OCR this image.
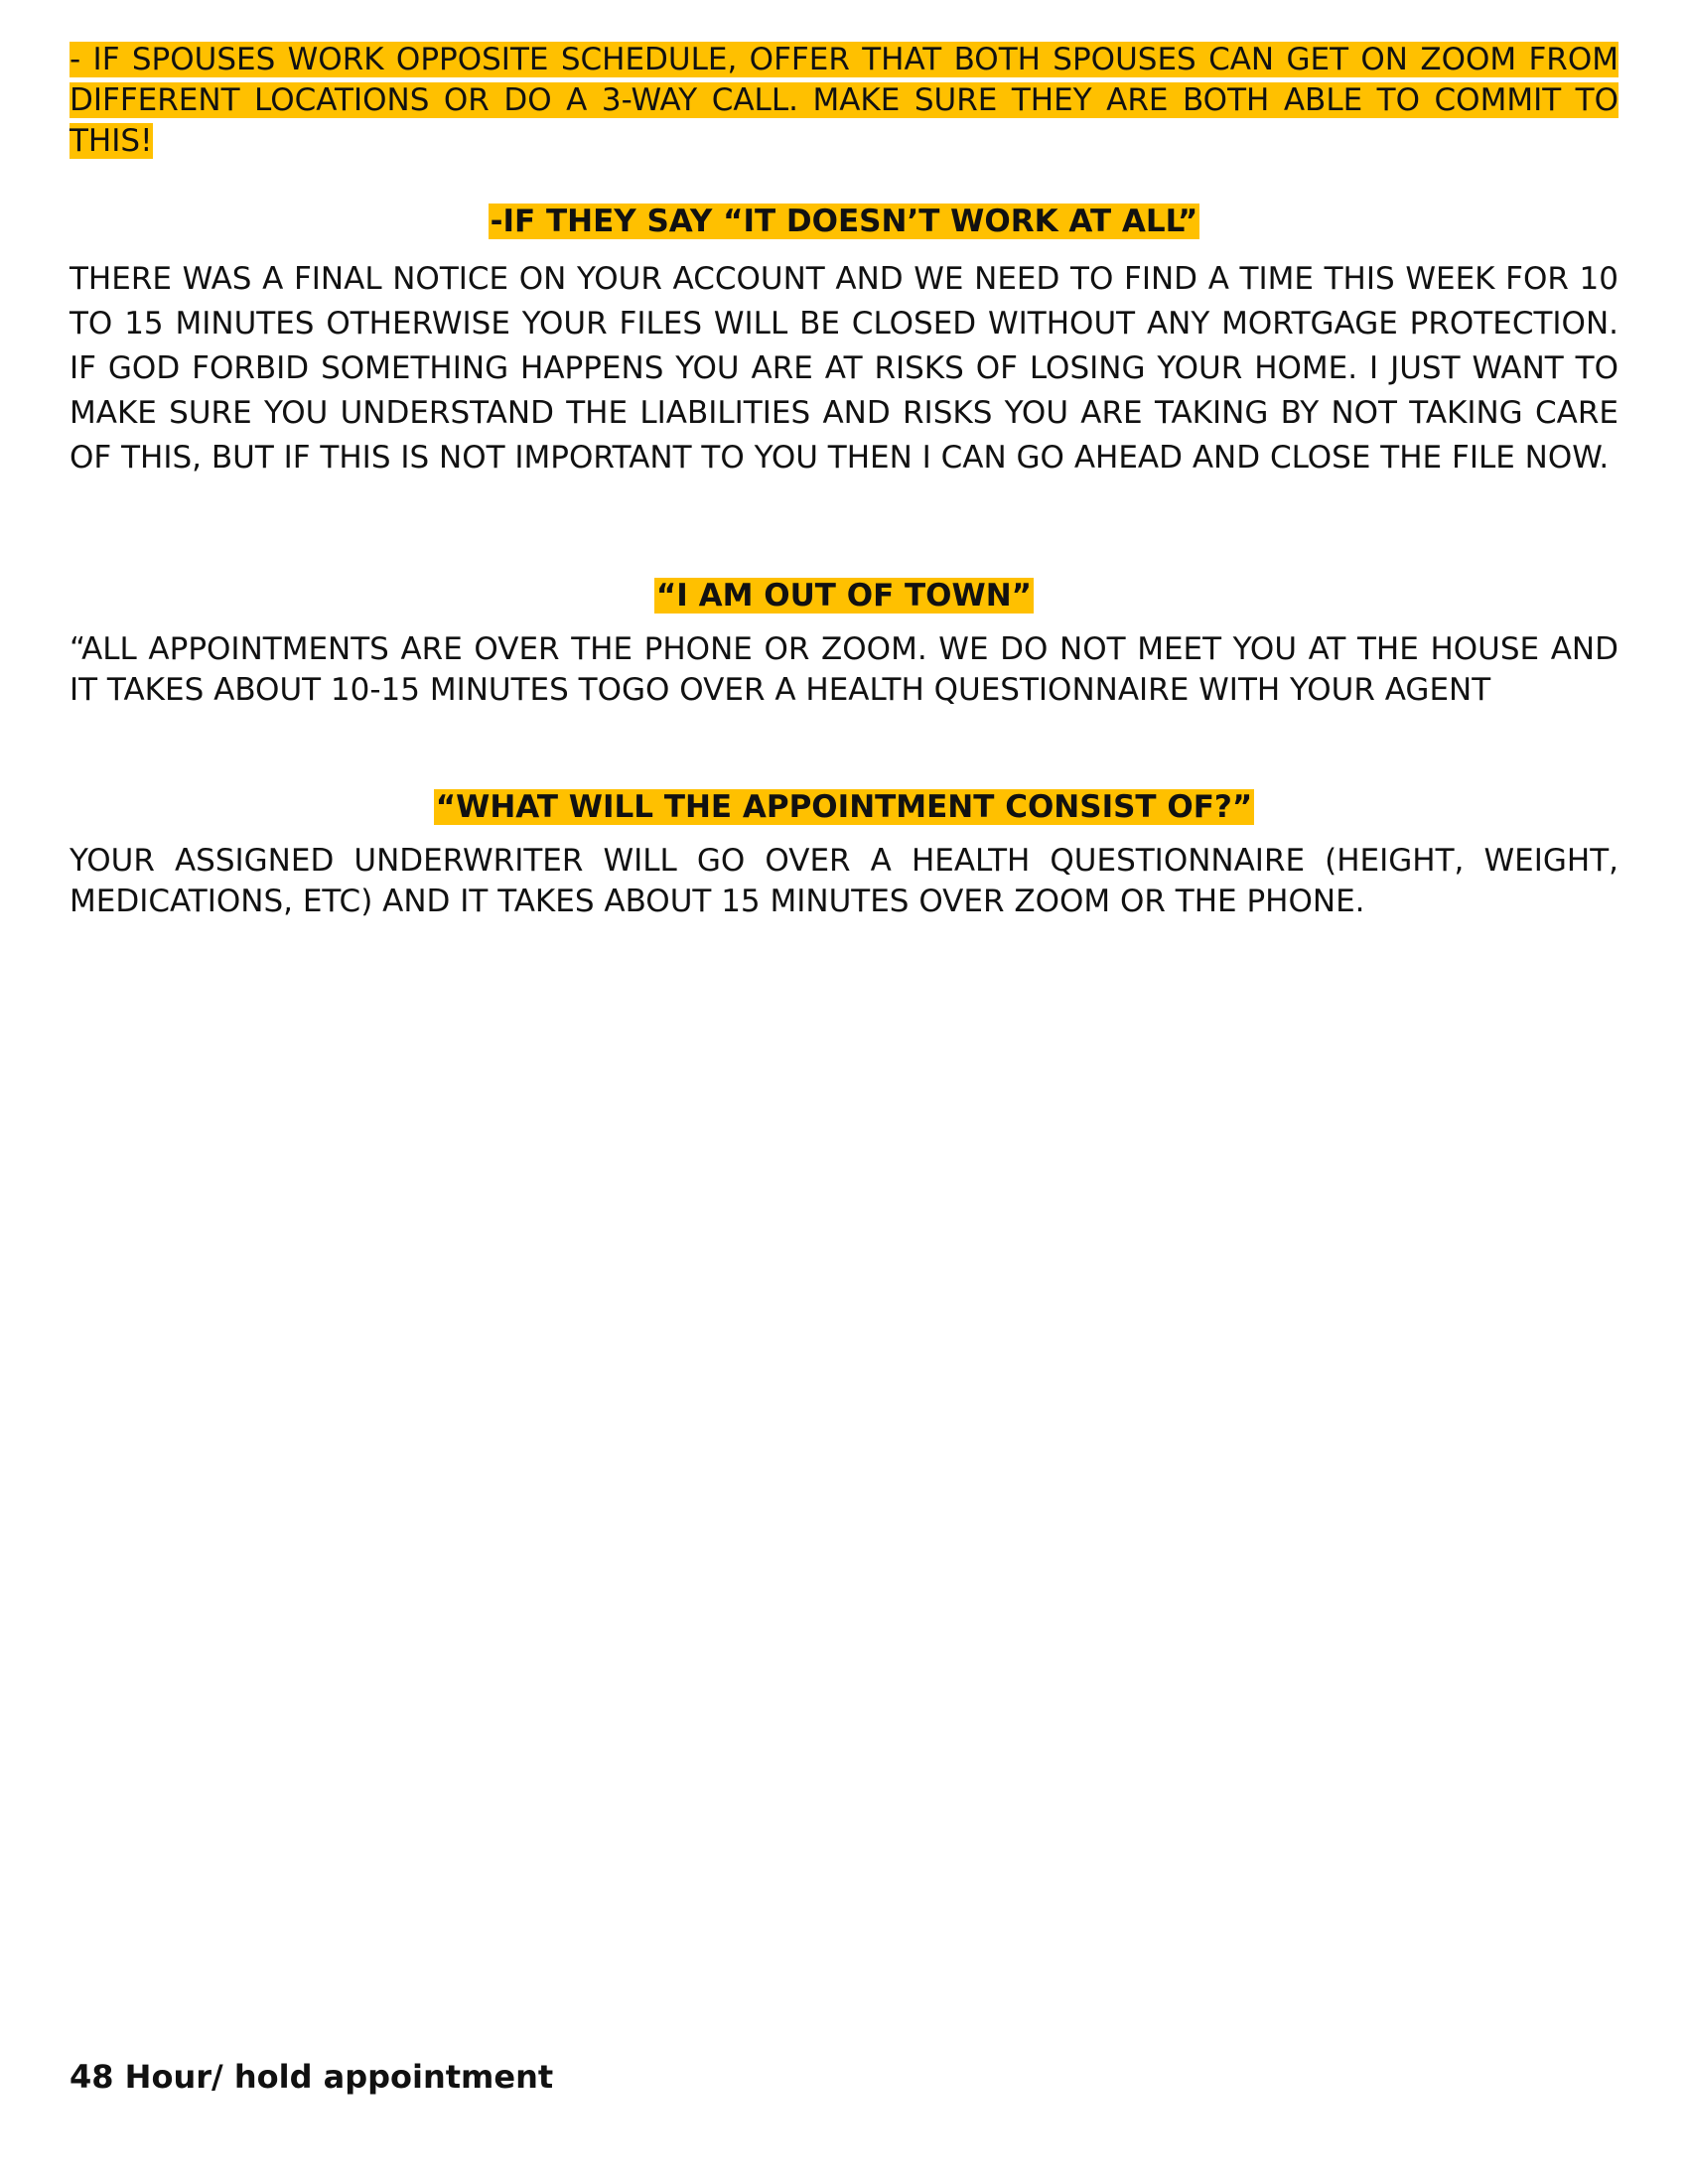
- IF SPOUSES WORK OPPOSITE SCHEDULE, OFFER THAT BOTH SPOUSES CAN GET ON ZOOM FROM DIFFERENT LOCATIONS OR DO A 3-WAY CALL. MAKE SURE THEY ARE BOTH ABLE TO COMMIT TO THIS!

-IF THEY SAY “IT DOESN’T WORK AT ALL”

THERE WAS A FINAL NOTICE ON YOUR ACCOUNT AND WE NEED TO FIND A TIME THIS WEEK FOR 10 TO 15 MINUTES OTHERWISE YOUR FILES WILL BE CLOSED WITHOUT ANY MORTGAGE PROTECTION. IF GOD FORBID SOMETHING HAPPENS YOU ARE AT RISKS OF LOSING YOUR HOME. I JUST WANT TO MAKE SURE YOU UNDERSTAND THE LIABILITIES AND RISKS YOU ARE TAKING BY NOT TAKING CARE OF THIS, BUT IF THIS IS NOT IMPORTANT TO YOU THEN I CAN GO AHEAD AND CLOSE THE FILE NOW.

“I AM OUT OF TOWN”

“ALL APPOINTMENTS ARE OVER THE PHONE OR ZOOM. WE DO NOT MEET YOU AT THE HOUSE AND IT TAKES ABOUT 10-15 MINUTES TOGO OVER A HEALTH QUESTIONNAIRE WITH YOUR AGENT

“WHAT WILL THE APPOINTMENT CONSIST OF?”

YOUR ASSIGNED UNDERWRITER WILL GO OVER A HEALTH QUESTIONNAIRE (HEIGHT, WEIGHT, MEDICATIONS, ETC) AND IT TAKES ABOUT 15 MINUTES OVER ZOOM OR THE PHONE.

48 Hour/ hold appointment
